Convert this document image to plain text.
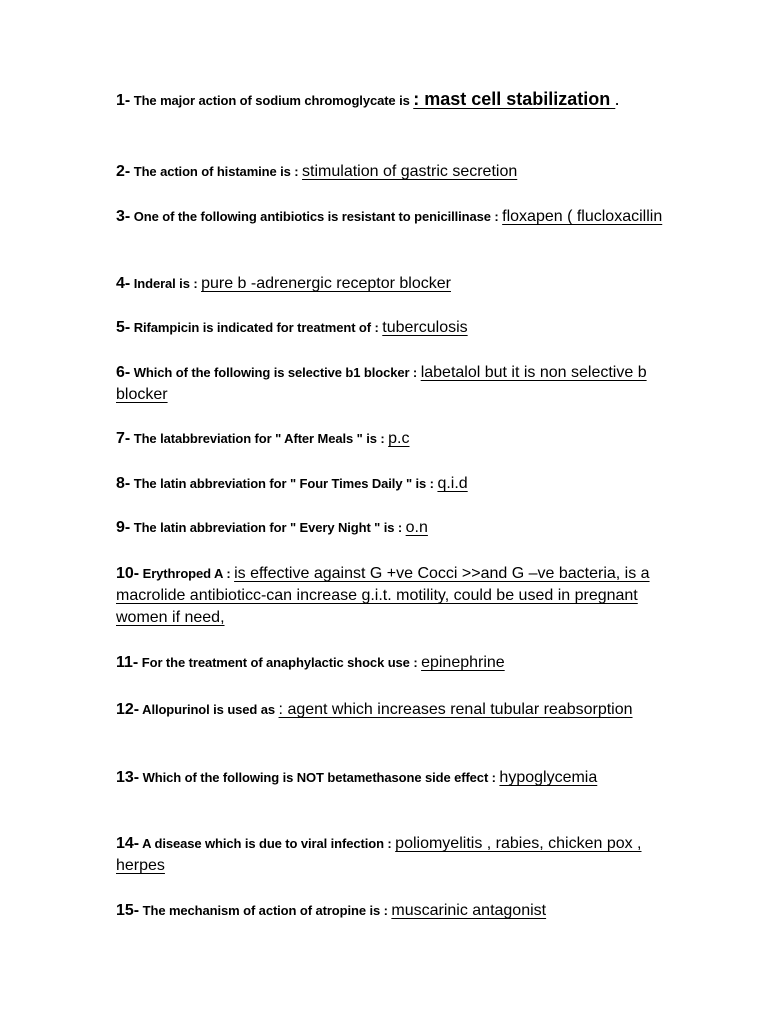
1- The major action of sodium chromoglycate is : mast cell stabilization .
2- The action of histamine is : stimulation of gastric secretion
3- One of the following antibiotics is resistant to penicillinase : floxapen ( flucloxacillin
4- Inderal is : pure b -adrenergic receptor blocker
5- Rifampicin is indicated for treatment of : tuberculosis
6- Which of the following is selective b1 blocker : labetalol but it is non selective b blocker
7- The latabbreviation for " After Meals " is : p.c
8- The latin abbreviation for " Four Times Daily " is : q.i.d
9- The latin abbreviation for " Every Night " is : o.n
10- Erythroped A : is effective against G +ve Cocci >>and G –ve bacteria, is a macrolide antibioticc-can increase g.i.t. motility, could be used in pregnant women if need,
11- For the treatment of anaphylactic shock use : epinephrine
12- Allopurinol is used as : agent which increases renal tubular reabsorption
13- Which of the following is NOT betamethasone side effect : hypoglycemia
14- A disease which is due to viral infection : poliomyelitis , rabies, chicken pox , herpes
15- The mechanism of action of atropine is : muscarinic antagonist
